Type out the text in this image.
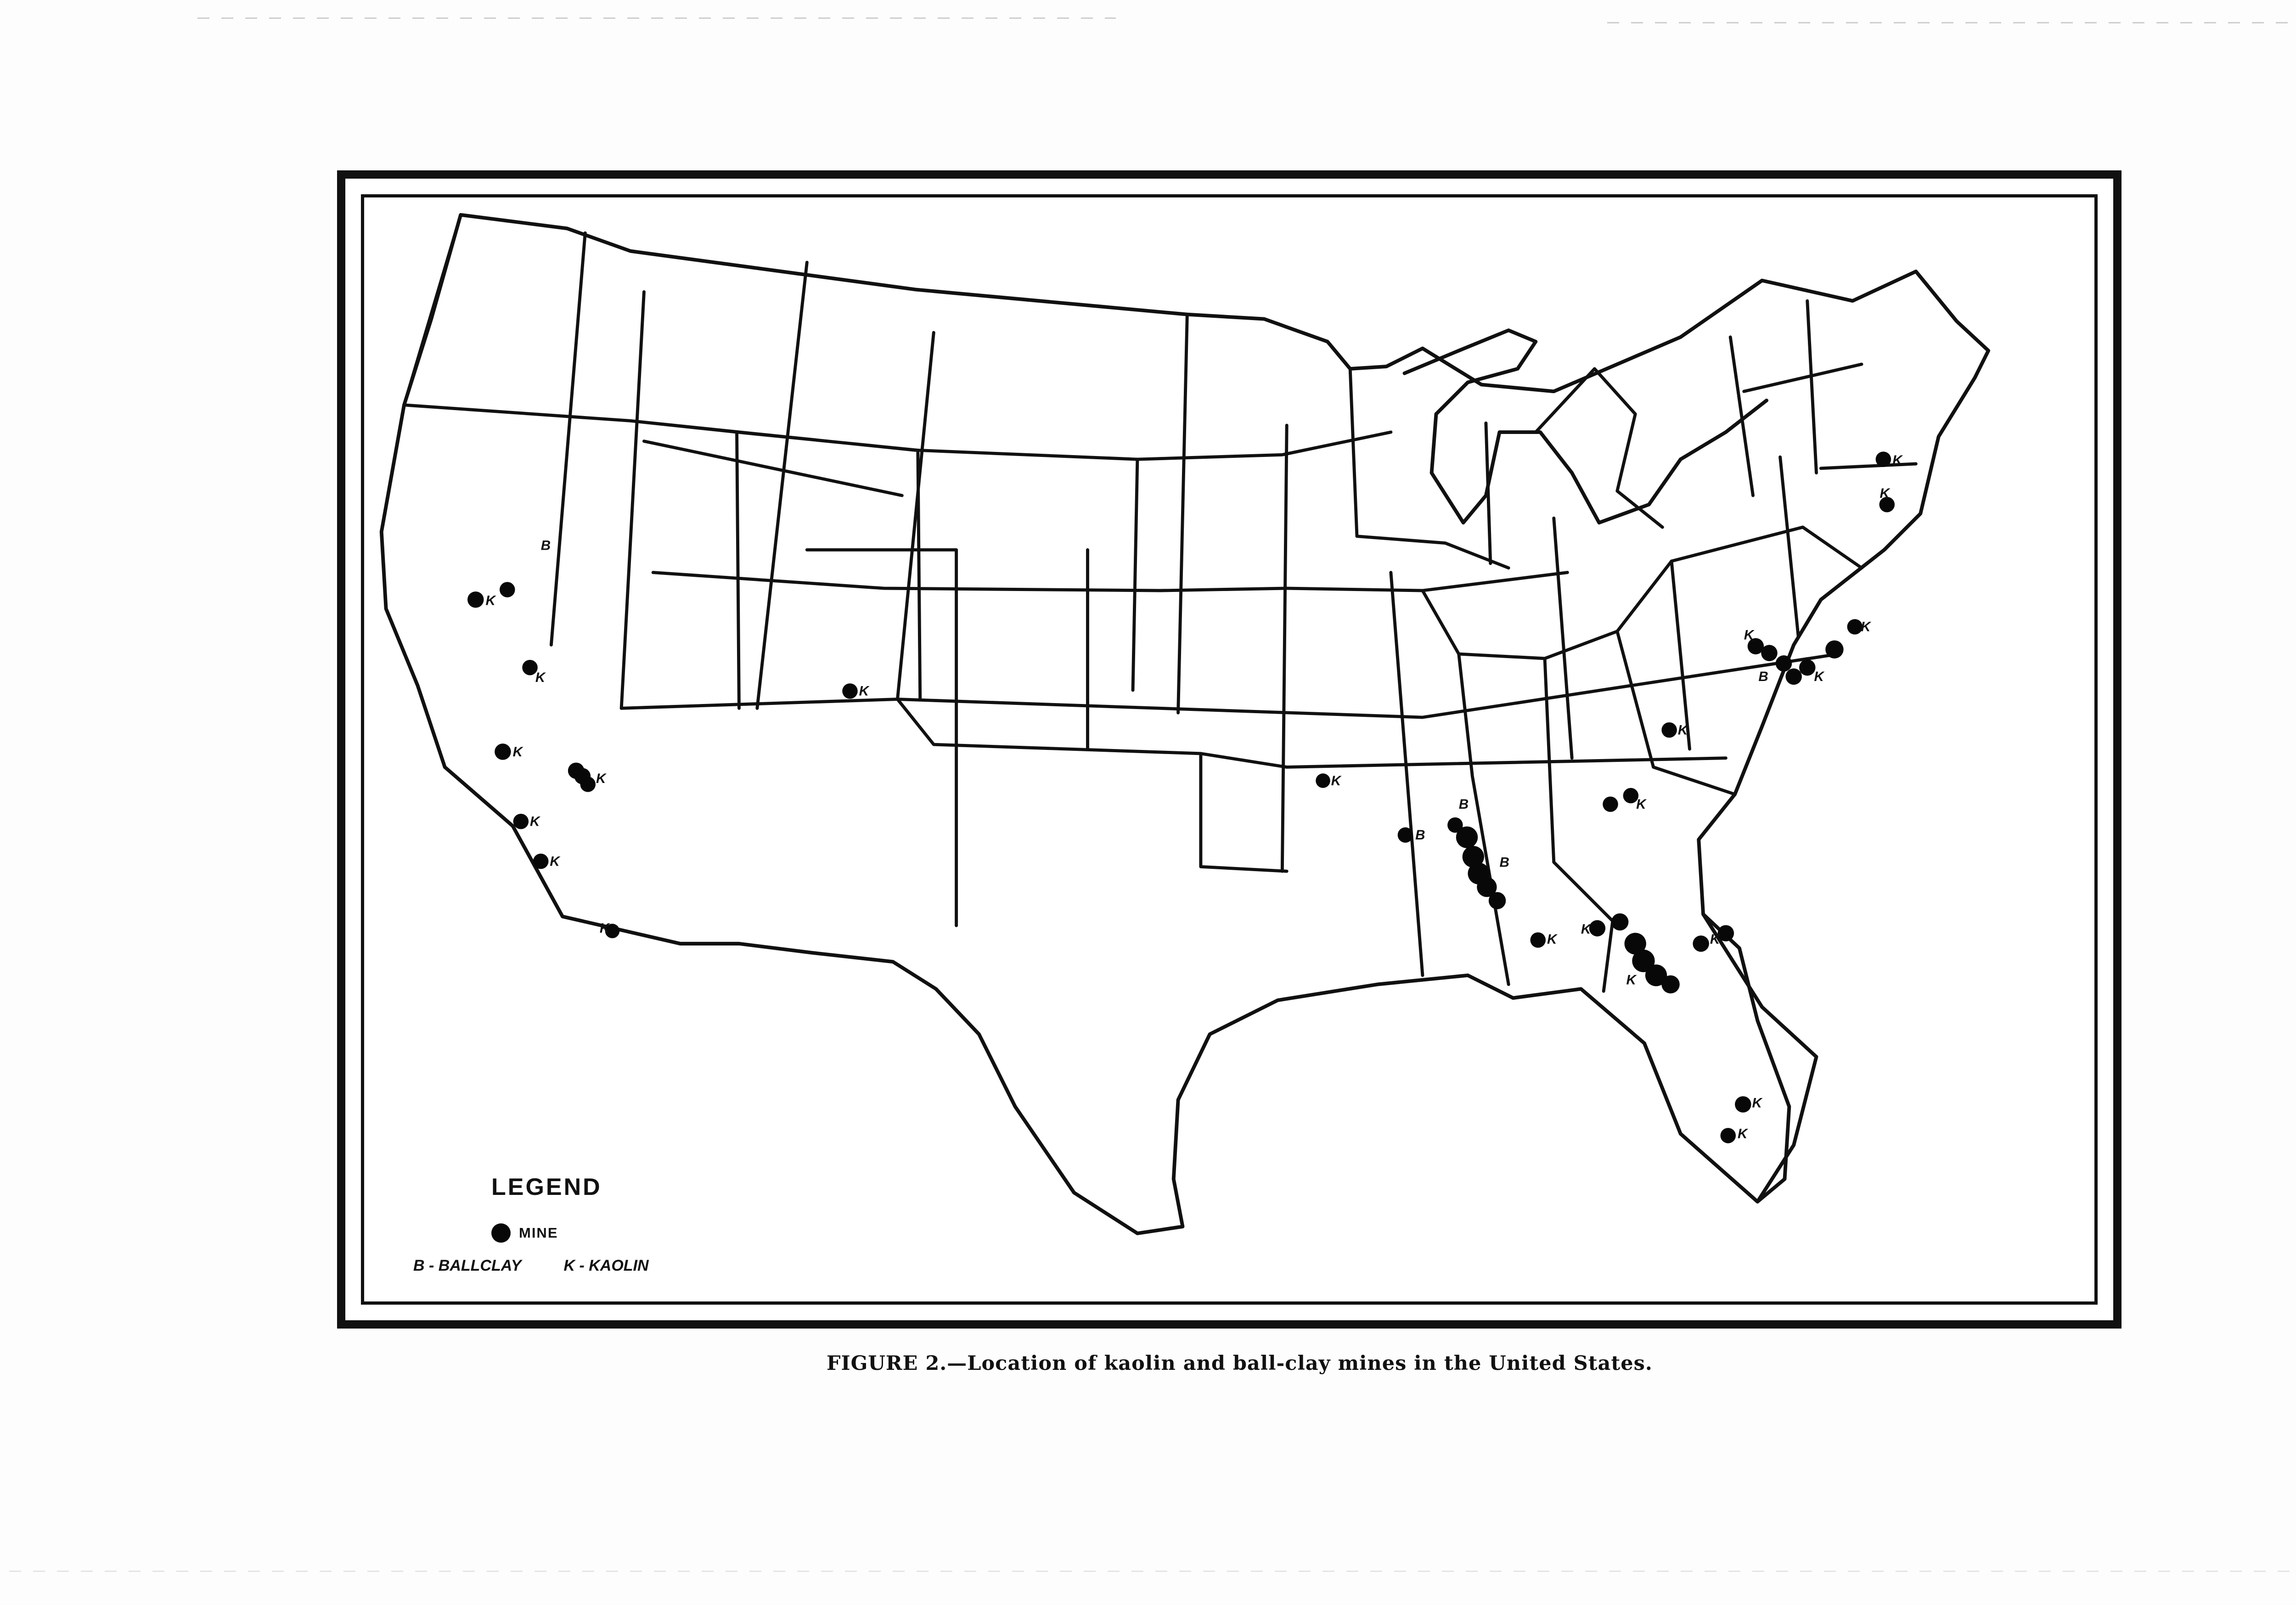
K
B
K
K
K
K
K
K
K
K
B
B
B
K
K
K
K
K
K
K
K
K
B	K
K
K
K
LEGEND
MINE
B - BALLCLAY	K - KAOLIN
FIGURE 2.—Location of kaolin and ball-clay mines in the United States.
